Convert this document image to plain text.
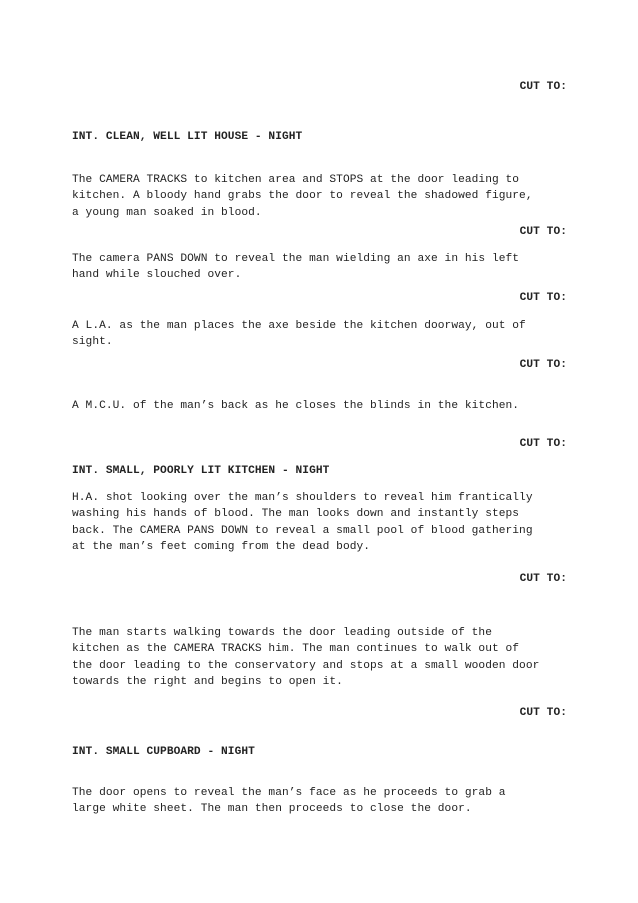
CUT TO:
INT. CLEAN, WELL LIT HOUSE - NIGHT
The CAMERA TRACKS to kitchen area and STOPS at the door leading to
kitchen. A bloody hand grabs the door to reveal the shadowed figure,
a young man soaked in blood.
CUT TO:
The camera PANS DOWN to reveal the man wielding an axe in his left
hand while slouched over.
CUT TO:
A L.A. as the man places the axe beside the kitchen doorway, out of
sight.
CUT TO:
A M.C.U. of the man’s back as he closes the blinds in the kitchen.
CUT TO:
INT. SMALL, POORLY LIT KITCHEN - NIGHT
H.A. shot looking over the man’s shoulders to reveal him frantically
washing his hands of blood. The man looks down and instantly steps
back. The CAMERA PANS DOWN to reveal a small pool of blood gathering
at the man’s feet coming from the dead body.
CUT TO:
The man starts walking towards the door leading outside of the
kitchen as the CAMERA TRACKS him. The man continues to walk out of
the door leading to the conservatory and stops at a small wooden door
towards the right and begins to open it.
CUT TO:
INT. SMALL CUPBOARD - NIGHT
The door opens to reveal the man’s face as he proceeds to grab a
large white sheet. The man then proceeds to close the door.
